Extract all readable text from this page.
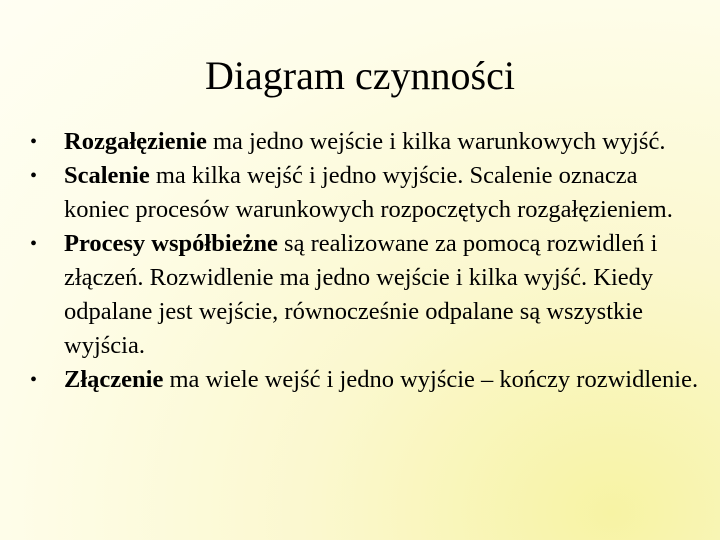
Diagram czynności
•	Rozgałęzienie ma jedno wejście i kilka warunkowych wyjść.
•	Scalenie ma kilka wejść i jedno wyjście. Scalenie oznacza koniec procesów warunkowych rozpoczętych rozgałęzieniem.
•	Procesy współbieżne są realizowane za pomocą rozwidleń i złączeń. Rozwidlenie ma jedno wejście i kilka wyjść. Kiedy odpalane jest wejście, równocześnie odpalane są wszystkie wyjścia.
•	Złączenie ma wiele wejść i jedno wyjście – kończy rozwidlenie.
